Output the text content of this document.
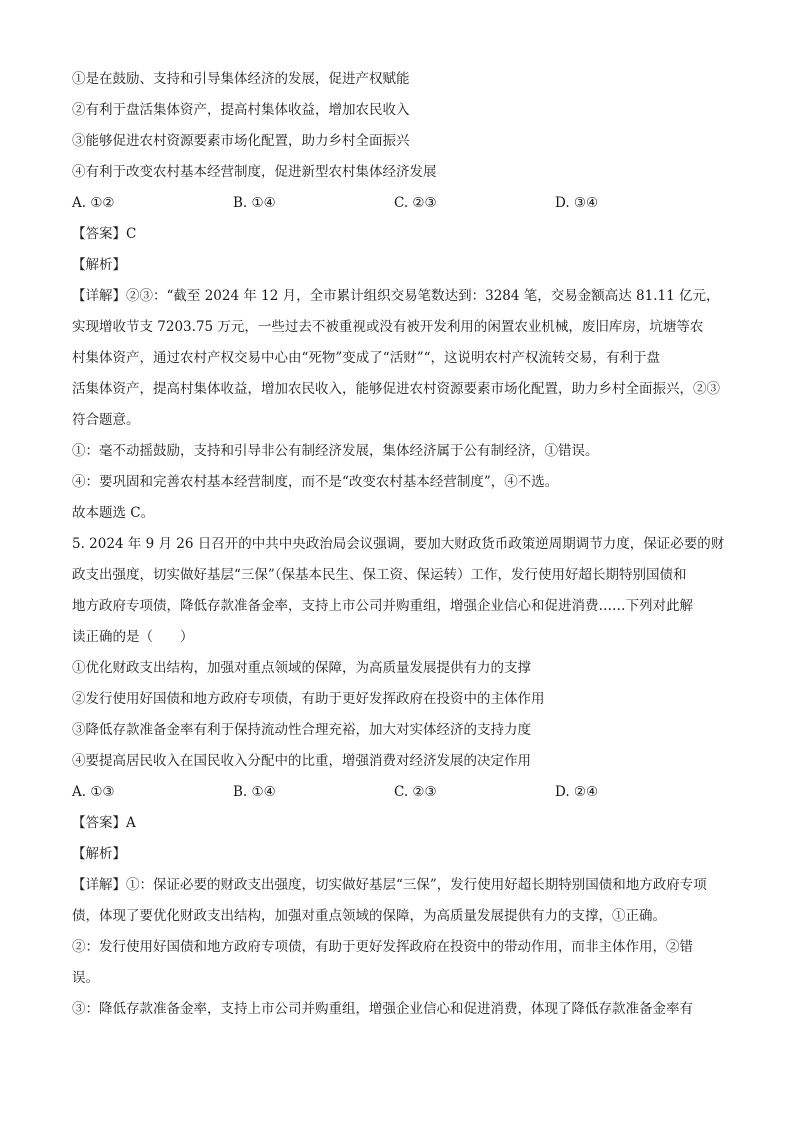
①是在鼓励、支持和引导集体经济的发展，促进产权赋能
②有利于盘活集体资产，提高村集体收益，增加农民收入
③能够促进农村资源要素市场化配置，助力乡村全面振兴
④有利于改变农村基本经营制度，促进新型农村集体经济发展
A. ①②	B. ①④	C. ②③	D. ③④
【答案】C
【解析】
【详解】②③：“截至 2024 年 12 月，全市累计组织交易笔数达到：3284 笔，交易金额高达 81.11 亿元，
实现增收节支 7203.75 万元，一些过去不被重视或没有被开发利用的闲置农业机械，废旧库房，坑塘等农
村集体资产，通过农村产权交易中心由“死物”变成了“活财”“，这说明农村产权流转交易，有利于盘
活集体资产，提高村集体收益，增加农民收入，能够促进农村资源要素市场化配置，助力乡村全面振兴，②③
符合题意。
①：毫不动摇鼓励，支持和引导非公有制经济发展，集体经济属于公有制经济，①错误。
④：要巩固和完善农村基本经营制度，而不是“改变农村基本经营制度”，④不选。
故本题选 C。
5. 2024 年 9 月 26 日召开的中共中央政治局会议强调，要加大财政货币政策逆周期调节力度，保证必要的财
政支出强度，切实做好基层“三保”（保基本民生、保工资、保运转）工作，发行使用好超长期特别国债和
地方政府专项债，降低存款准备金率，支持上市公司并购重组，增强企业信心和促进消费……下列对此解
读正确的是（　　）
①优化财政支出结构，加强对重点领域的保障，为高质量发展提供有力的支撑
②发行使用好国债和地方政府专项债，有助于更好发挥政府在投资中的主体作用
③降低存款准备金率有利于保持流动性合理充裕，加大对实体经济的支持力度
④要提高居民收入在国民收入分配中的比重，增强消费对经济发展的决定作用
A. ①③	B. ①④	C. ②③	D. ②④
【答案】A
【解析】
【详解】①：保证必要的财政支出强度，切实做好基层“三保”，发行使用好超长期特别国债和地方政府专项
债，体现了要优化财政支出结构，加强对重点领域的保障，为高质量发展提供有力的支撑，①正确。
②：发行使用好国债和地方政府专项债，有助于更好发挥政府在投资中的带动作用，而非主体作用，②错
误。
③：降低存款准备金率，支持上市公司并购重组，增强企业信心和促进消费，体现了降低存款准备金率有
